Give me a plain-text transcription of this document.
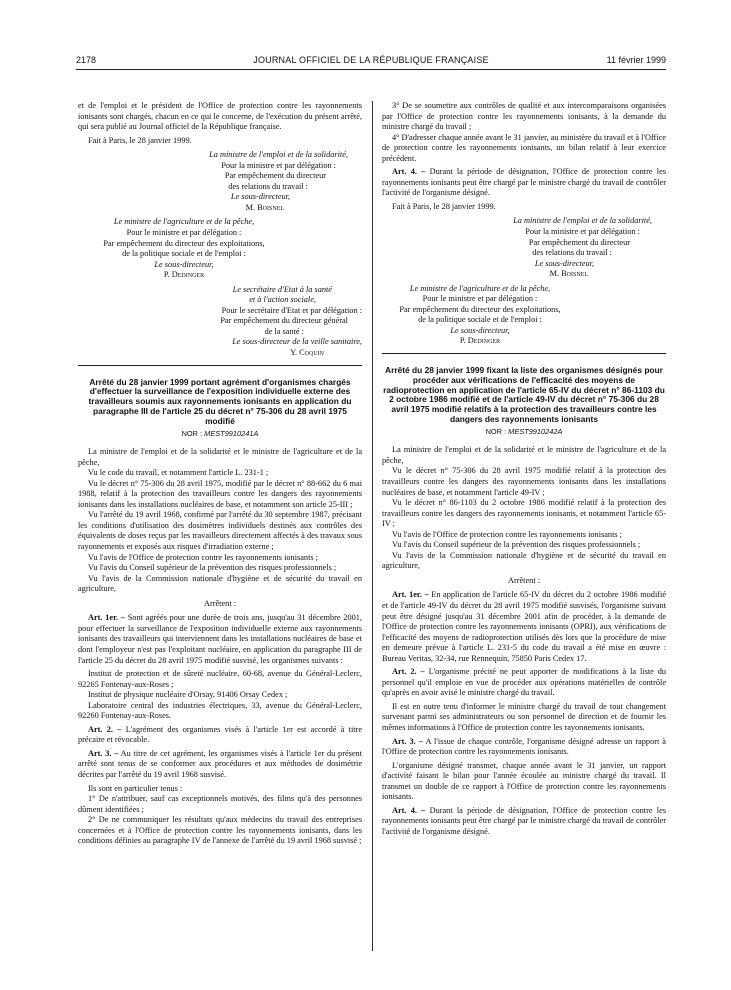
2178	JOURNAL OFFICIEL DE LA RÉPUBLIQUE FRANÇAISE	11 février 1999

et de l'emploi et le président de l'Office de protection contre les rayonnements ionisants sont chargés, chacun en ce qui le concerne, de l'exécution du présent arrêté, qui sera publié au Journal officiel de la République française.

Fait à Paris, le 28 janvier 1999.

La ministre de l'emploi et de la solidarité,
Pour la ministre et par délégation :
Par empêchement du directeur
des relations du travail :
Le sous-directeur,
M. Boisnel
Le ministre de l'agriculture et de la pêche,
Pour le ministre et par délégation :
Par empêchement du directeur des exploitations,
de la politique sociale et de l'emploi :
Le sous-directeur,
P. Dedinger
Le secrétaire d'Etat à la santé
et à l'action sociale,
Pour le secrétaire d'Etat et par délégation :
Par empêchement du directeur général
de la santé :
Le sous-directeur de la veille sanitaire,
Y. Coquin
Arrêté du 28 janvier 1999 portant agrément d'organismes chargés d'effectuer la surveillance de l'exposition individuelle externe des travailleurs soumis aux rayonnements ionisants en application du paragraphe III de l'article 25 du décret n° 75-306 du 28 avril 1975 modifié
NOR : MEST9910241A

La ministre de l'emploi et de la solidarité et le ministre de l'agriculture et de la pêche,

Vu le code du travail, et notamment l'article L. 231-1 ;

Vu le décret n° 75-306 du 28 avril 1975, modifié par le décret n° 88-662 du 6 mai 1988, relatif à la protection des travailleurs contre les dangers des rayonnements ionisants dans les installations nucléaires de base, et notamment son article 25-III ;

Vu l'arrêté du 19 avril 1968, confirmé par l'arrêté du 30 septembre 1987, précisant les conditions d'utilisation des dosimètres individuels destinés aux contrôles des équivalents de doses reçus par les travailleurs directement affectés à des travaux sous rayonnements et exposés aux risques d'irradiation externe ;

Vu l'avis de l'Office de protection contre les rayonnements ionisants ;

Vu l'avis du Conseil supérieur de la prévention des risques professionnels ;

Vu l'avis de la Commission nationale d'hygiène et de sécurité du travail en agriculture,

Arrêtent :

Art. 1er. – Sont agréés pour une durée de trois ans, jusqu'au 31 décembre 2001, pour effectuer la surveillance de l'exposition individuelle externe aux rayonnements ionisants des travailleurs qui interviennent dans les installations nucléaires de base et dont l'employeur n'est pas l'exploitant nucléaire, en application du paragraphe III de l'article 25 du décret du 28 avril 1975 modifié susvisé, les organismes suivants :

Institut de protection et de sûreté nucléaire, 60-68, avenue du Général-Leclerc, 92265 Fontenay-aux-Roses ;

Institut de physique nucléaire d'Orsay, 91406 Orsay Cedex ;

Laboratoire central des industries électriques, 33, avenue du Général-Leclerc, 92260 Fontenay-aux-Roses.

Art. 2. – L'agrément des organismes visés à l'article 1er est accordé à titre précaire et révocable.

Art. 3. – Au titre de cet agrément, les organismes visés à l'article 1er du présent arrêté sont tenus de se conformer aux procédures et aux méthodes de dosimétrie décrites par l'arrêté du 19 avril 1968 susvisé.

Ils sont en particulier tenus :

1° De n'attribuer, sauf cas exceptionnels motivés, des films qu'à des personnes dûment identifiées ;

2° De ne communiquer les résultats qu'aux médecins du travail des entreprises concernées et à l'Office de protection contre les rayonnements ionisants, dans les conditions définies au paragraphe IV de l'annexe de l'arrêté du 19 avril 1968 susvisé ;

3° De se soumettre aux contrôles de qualité et aux intercomparaisons organisées par l'Office de protection contre les rayonnements ionisants, à la demande du ministre chargé du travail ;

4° D'adresser chaque année avant le 31 janvier, au ministère du travail et à l'Office de protection contre les rayonnements ionisants, un bilan relatif à leur exercice précédent.

Art. 4. – Durant la période de désignation, l'Office de protection contre les rayonnements ionisants peut être chargé par le ministre chargé du travail de contrôler l'activité de l'organisme désigné.

Fait à Paris, le 28 janvier 1999.

La ministre de l'emploi et de la solidarité,
Pour la ministre et par délégation :
Par empêchement du directeur
des relations du travail :
Le sous-directeur,
M. Boisnel
Le ministre de l'agriculture et de la pêche,
Pour le ministre et par délégation :
Par empêchement du directeur des exploitations,
de la politique sociale et de l'emploi :
Le sous-directeur,
P. Dedinger
Arrêté du 28 janvier 1999 fixant la liste des organismes désignés pour procéder aux vérifications de l'efficacité des moyens de radioprotection en application de l'article 65-IV du décret n° 86-1103 du 2 octobre 1986 modifié et de l'article 49-IV du décret n° 75-306 du 28 avril 1975 modifié relatifs à la protection des travailleurs contre les dangers des rayonnements ionisants
NOR : MEST9910242A

La ministre de l'emploi et de la solidarité et le ministre de l'agriculture et de la pêche,

Vu le décret n° 75-306 du 28 avril 1975 modifié relatif à la protection des travailleurs contre les dangers des rayonnements ionisants dans les installations nucléaires de base, et notamment l'article 49-IV ;

Vu le décret n° 86-1103 du 2 octobre 1986 modifié relatif à la protection des travailleurs contre les dangers des rayonnements ionisants, et notamment l'article 65-IV ;

Vu l'avis de l'Office de protection contre les rayonnements ionisants ;

Vu l'avis du Conseil supérieur de la prévention des risques professionnels ;

Vu l'avis de la Commission nationale d'hygiène et de sécurité du travail en agriculture,

Arrêtent :

Art. 1er. – En application de l'article 65-IV du décret du 2 octobre 1986 modifié et de l'article 49-IV du décret du 28 avril 1975 modifié susvisés, l'organisme suivant peut être désigné jusqu'au 31 décembre 2001 afin de procéder, à la demande de l'Office de protection contre les rayonnements ionisants (OPRI), aux vérifications de l'efficacité des moyens de radioprotection utilisés dès lors que la procédure de mise en demeure prévue à l'article L. 231-5 du code du travail a été mise en œuvre : Bureau Veritas, 32-34, rue Rennequin, 75850 Paris Cedex 17.

Art. 2. – L'organisme précité ne peut apporter de modifications à la liste du personnel qu'il emploie en vue de procéder aux opérations matérielles de contrôle qu'après en avoir avisé le ministre chargé du travail.

Il est en outre tenu d'informer le ministre chargé du travail de tout changement survenant parmi ses administrateurs ou son personnel de direction et de fournir les mêmes informations à l'Office de protection contre les rayonnements ionisants.

Art. 3. – A l'issue de chaque contrôle, l'organisme désigné adresse un rapport à l'Office de protection contre les rayonnements ionisants.

L'organisme désigné transmet, chaque année avant le 31 janvier, un rapport d'activité faisant le bilan pour l'année écoulée au ministre chargé du travail. Il transmet un double de ce rapport à l'Office de protection contre les rayonnements ionisants.

Art. 4. – Durant la période de désignation, l'Office de protection contre les rayonnements ionisants peut être chargé par le ministre chargé du travail de contrôler l'activité de l'organisme désigné.
